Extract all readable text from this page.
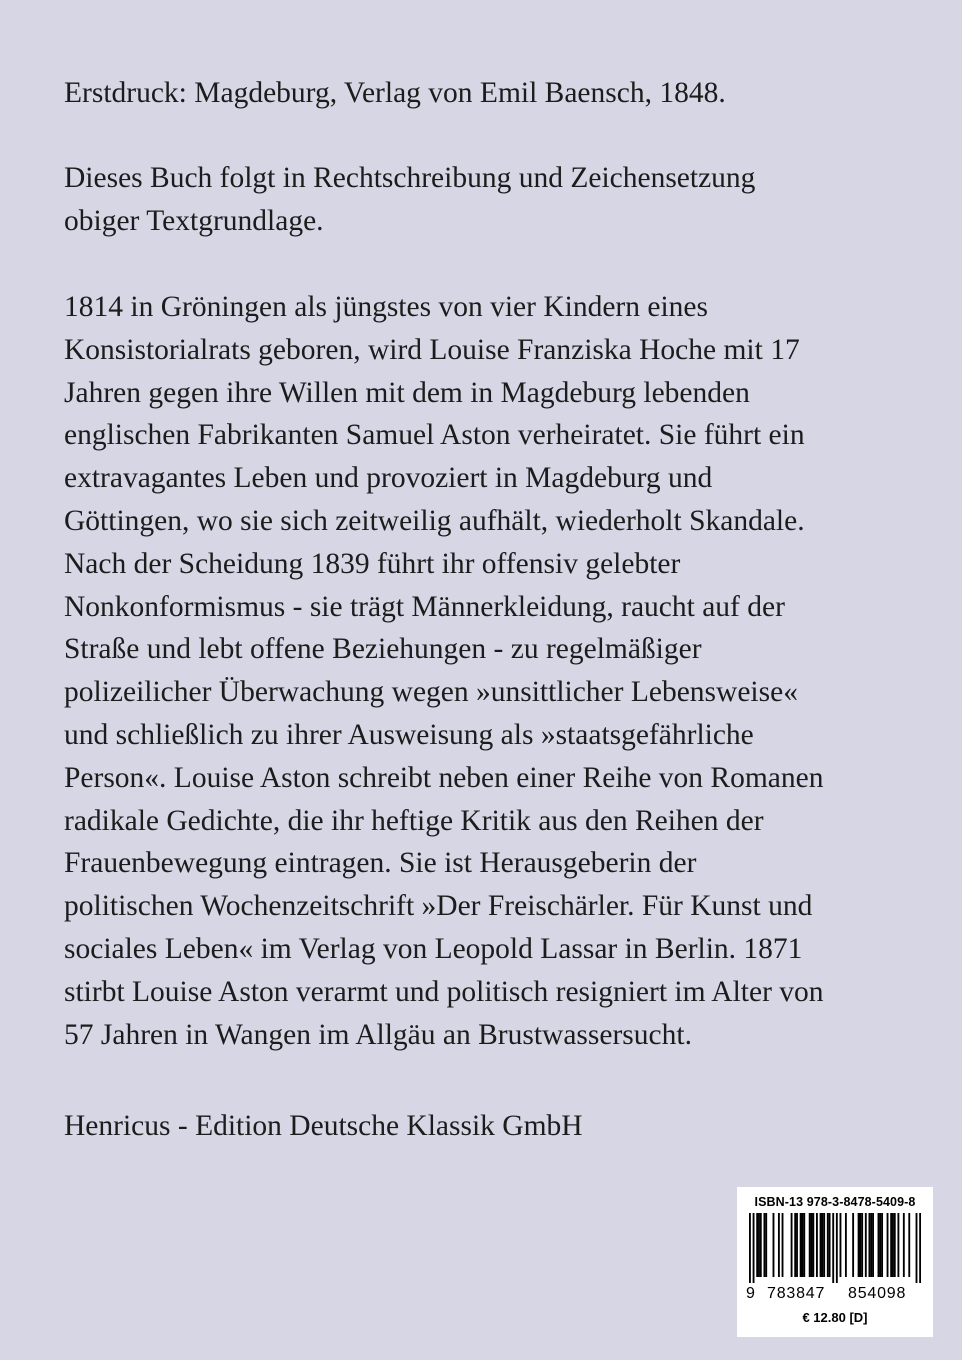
Erstdruck: Magdeburg, Verlag von Emil Baensch, 1848.

Dieses Buch folgt in Rechtschreibung und Zeichensetzung
obiger Textgrundlage.

1814 in Gröningen als jüngstes von vier Kindern eines
Konsistorialrats geboren, wird Louise Franziska Hoche mit 17
Jahren gegen ihre Willen mit dem in Magdeburg lebenden
englischen Fabrikanten Samuel Aston verheiratet. Sie führt ein
extravagantes Leben und provoziert in Magdeburg und
Göttingen, wo sie sich zeitweilig aufhält, wiederholt Skandale.
Nach der Scheidung 1839 führt ihr offensiv gelebter
Nonkonformismus - sie trägt Männerkleidung, raucht auf der
Straße und lebt offene Beziehungen - zu regelmäßiger
polizeilicher Überwachung wegen »unsittlicher Lebensweise«
und schließlich zu ihrer Ausweisung als »staatsgefährliche
Person«. Louise Aston schreibt neben einer Reihe von Romanen
radikale Gedichte, die ihr heftige Kritik aus den Reihen der
Frauenbewegung eintragen. Sie ist Herausgeberin der
politischen Wochenzeitschrift »Der Freischärler. Für Kunst und
sociales Leben« im Verlag von Leopold Lassar in Berlin. 1871
stirbt Louise Aston verarmt und politisch resigniert im Alter von
57 Jahren in Wangen im Allgäu an Brustwassersucht.

Henricus - Edition Deutsche Klassik GmbH

ISBN-13 978-3-8478-5409-8
9 783847 854098
€ 12.80 [D]
